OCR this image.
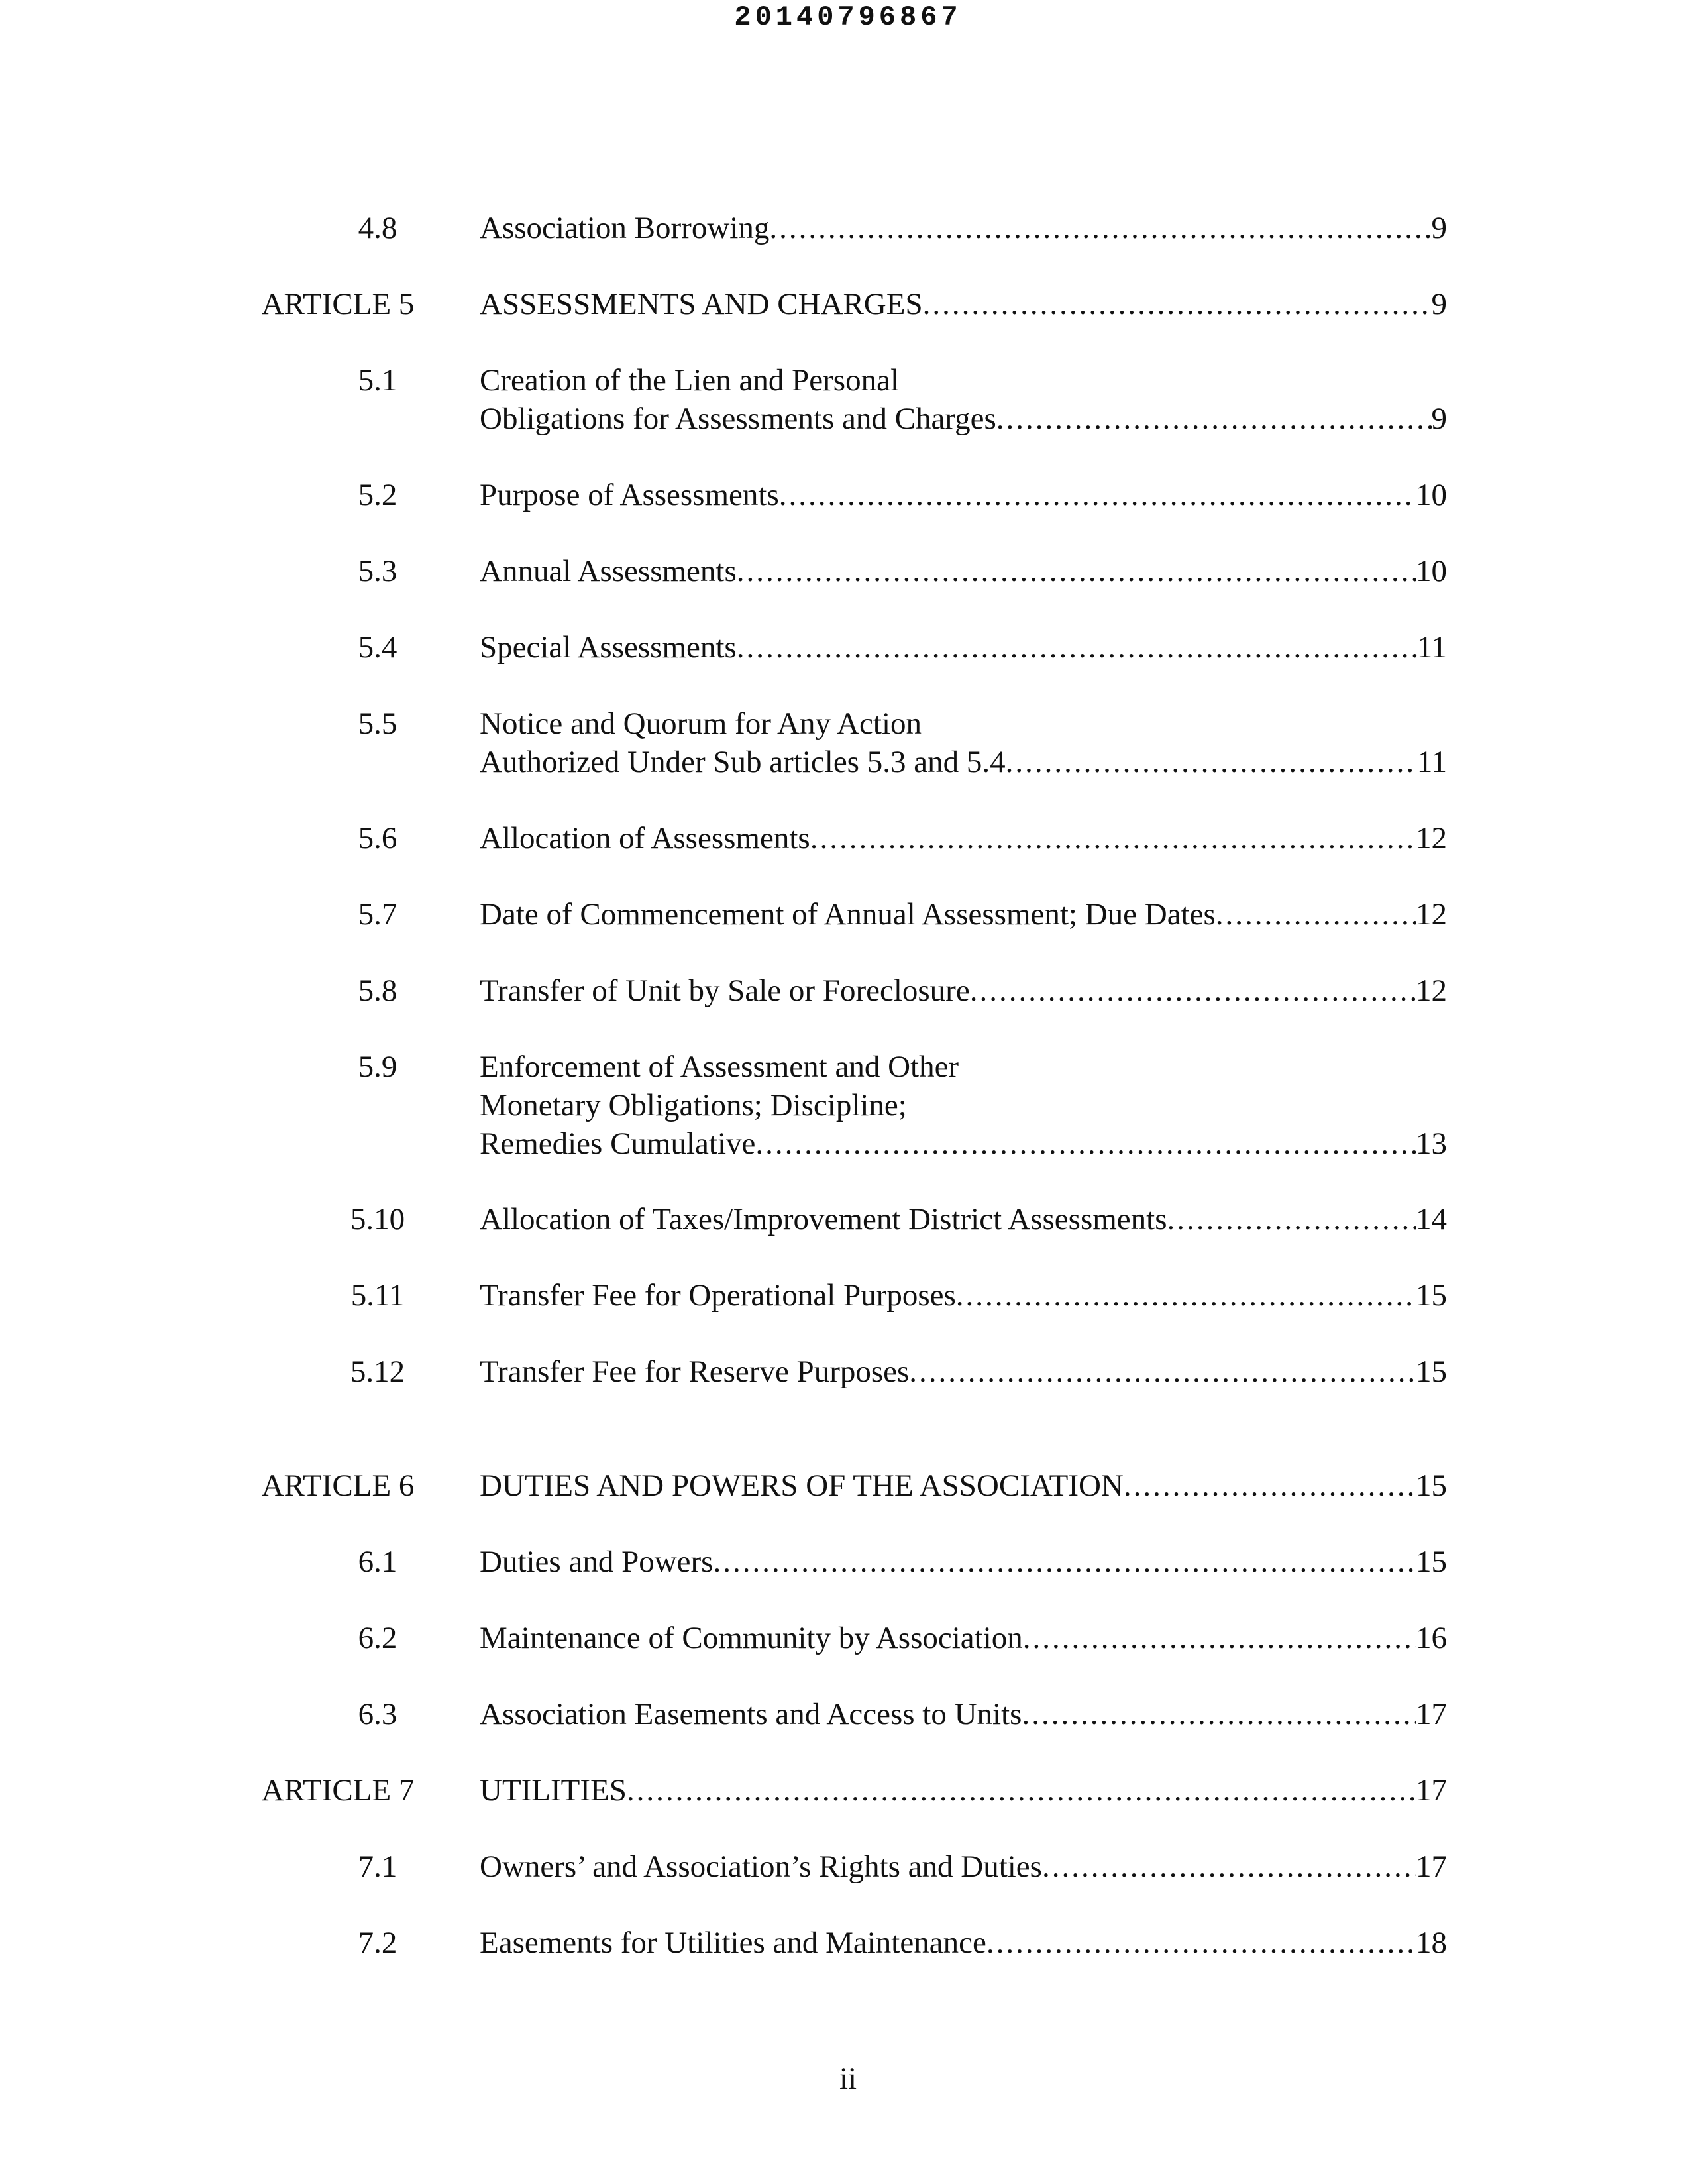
20140796867
4.8	Association Borrowing .....	9
ARTICLE 5	ASSESSMENTS AND CHARGES .....	9
5.1	Creation of the Lien and Personal
Obligations for Assessments and Charges .....	9
5.2	Purpose of Assessments .....	10
5.3	Annual Assessments .....	10
5.4	Special Assessments .....	11
5.5	Notice and Quorum for Any Action
Authorized Under Sub articles 5.3 and 5.4 .....	11
5.6	Allocation of Assessments .....	12
5.7	Date of Commencement of Annual Assessment; Due Dates .....	12
5.8	Transfer of Unit by Sale or Foreclosure .....	12
5.9	Enforcement of Assessment and Other
Monetary Obligations; Discipline;
Remedies Cumulative .....	13
5.10	Allocation of Taxes/Improvement District Assessments .....	14
5.11	Transfer Fee for Operational Purposes .....	15
5.12	Transfer Fee for Reserve Purposes .....	15
ARTICLE 6	DUTIES AND POWERS OF THE ASSOCIATION .....	15
6.1	Duties and Powers .....	15
6.2	Maintenance of Community by Association .....	16
6.3	Association Easements and Access to Units .....	17
ARTICLE 7	UTILITIES .....	17
7.1	Owners’ and Association’s Rights and Duties .....	17
7.2	Easements for Utilities and Maintenance .....	18
ii
